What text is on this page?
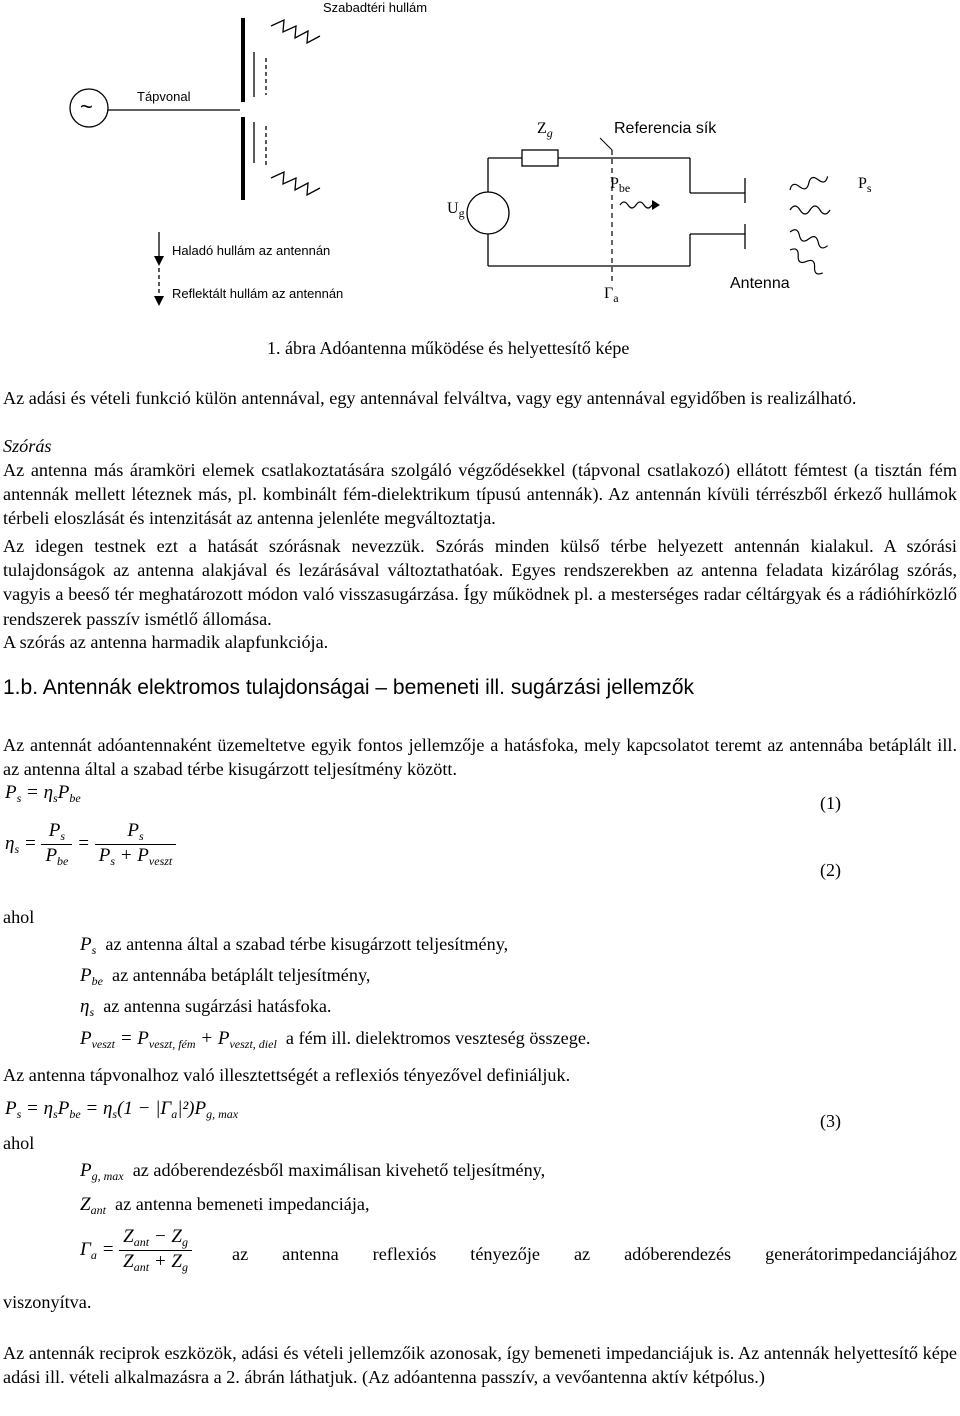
Szabadtéri hullám
Tápvonal
~
$Z_g$	Referencia sík
$P_{be}$	$P_s$
$U_g$
$\Gamma_a$
Antenna
Haladó hullám az antennán
Reflektált hullám az antennán
1. ábra Adóantenna működése és helyettesítő képe
Az adási és vételi funkció külön antennával, egy antennával felváltva, vagy egy antennával egyidőben is realizálható.
Szórás
Az antenna más áramköri elemek csatlakoztatására szolgáló végződésekkel (tápvonal csatlakozó) ellátott fémtest (a tisztán fém antennák mellett léteznek más, pl. kombinált fém-dielektrikum típusú antennák). Az antennán kívüli térrészből érkező hullámok térbeli eloszlását és intenzitását az antenna jelenléte megváltoztatja.
Az idegen testnek ezt a hatását szórásnak nevezzük. Szórás minden külső térbe helyezett antennán kialakul. A szórási tulajdonságok az antenna alakjával és lezárásával változtathatóak. Egyes rendszerekben az antenna feladata kizárólag szórás, vagyis a beeső tér meghatározott módon való visszasugárzása. Így működnek pl. a mesterséges radar céltárgyak és a rádióhírközlő rendszerek passzív ismétlő állomása.
A szórás az antenna harmadik alapfunkciója.
1.b. Antennák elektromos tulajdonságai – bemeneti ill. sugárzási jellemzők
Az antennát adóantennaként üzemeltetve egyik fontos jellemzője a hatásfoka, mely kapcsolatot teremt az antennába betáplált ill. az antenna által a szabad térbe kisugárzott teljesítmény között.
$P_s = \eta_sP_{be}$	(1)
$\eta_s = \frac{P_s}{P_{be}} = \frac{P_s}{P_s + P_{veszt}}$
(2)
ahol
$P_s$ az antenna által a szabad térbe kisugárzott teljesítmény,
$P_{be}$ az antennába betáplált teljesítmény,
$\eta_s$ az antenna sugárzási hatásfoka.
$P_{veszt} = P_{veszt, fém} + P_{veszt, diel}$ a fém ill. dielektromos veszteség összege.
Az antenna tápvonalhoz való illesztettségét a reflexiós tényezővel definiáljuk.
$P_s = \eta_sP_{be} = \eta_s(1 - |\Gamma_a|^2)P_{g, max}$	(3)
ahol
$P_{g, max}$ az adóberendezésből maximálisan kivehető teljesítmény,
$Z_{ant}$ az antenna bemeneti impedanciája,
$\Gamma_a = \frac{Z_{ant} - Z_g}{Z_{ant} + Z_g}$ az antenna reflexiós tényezője az adóberendezés generátorimpedanciájához
viszonyítva.
Az antennák reciprok eszközök, adási és vételi jellemzőik azonosak, így bemeneti impedanciájuk is. Az antennák helyettesítő képe adási ill. vételi alkalmazásra a 2. ábrán láthatjuk. (Az adóantenna passzív, a vevőantenna aktív kétpólus.)
